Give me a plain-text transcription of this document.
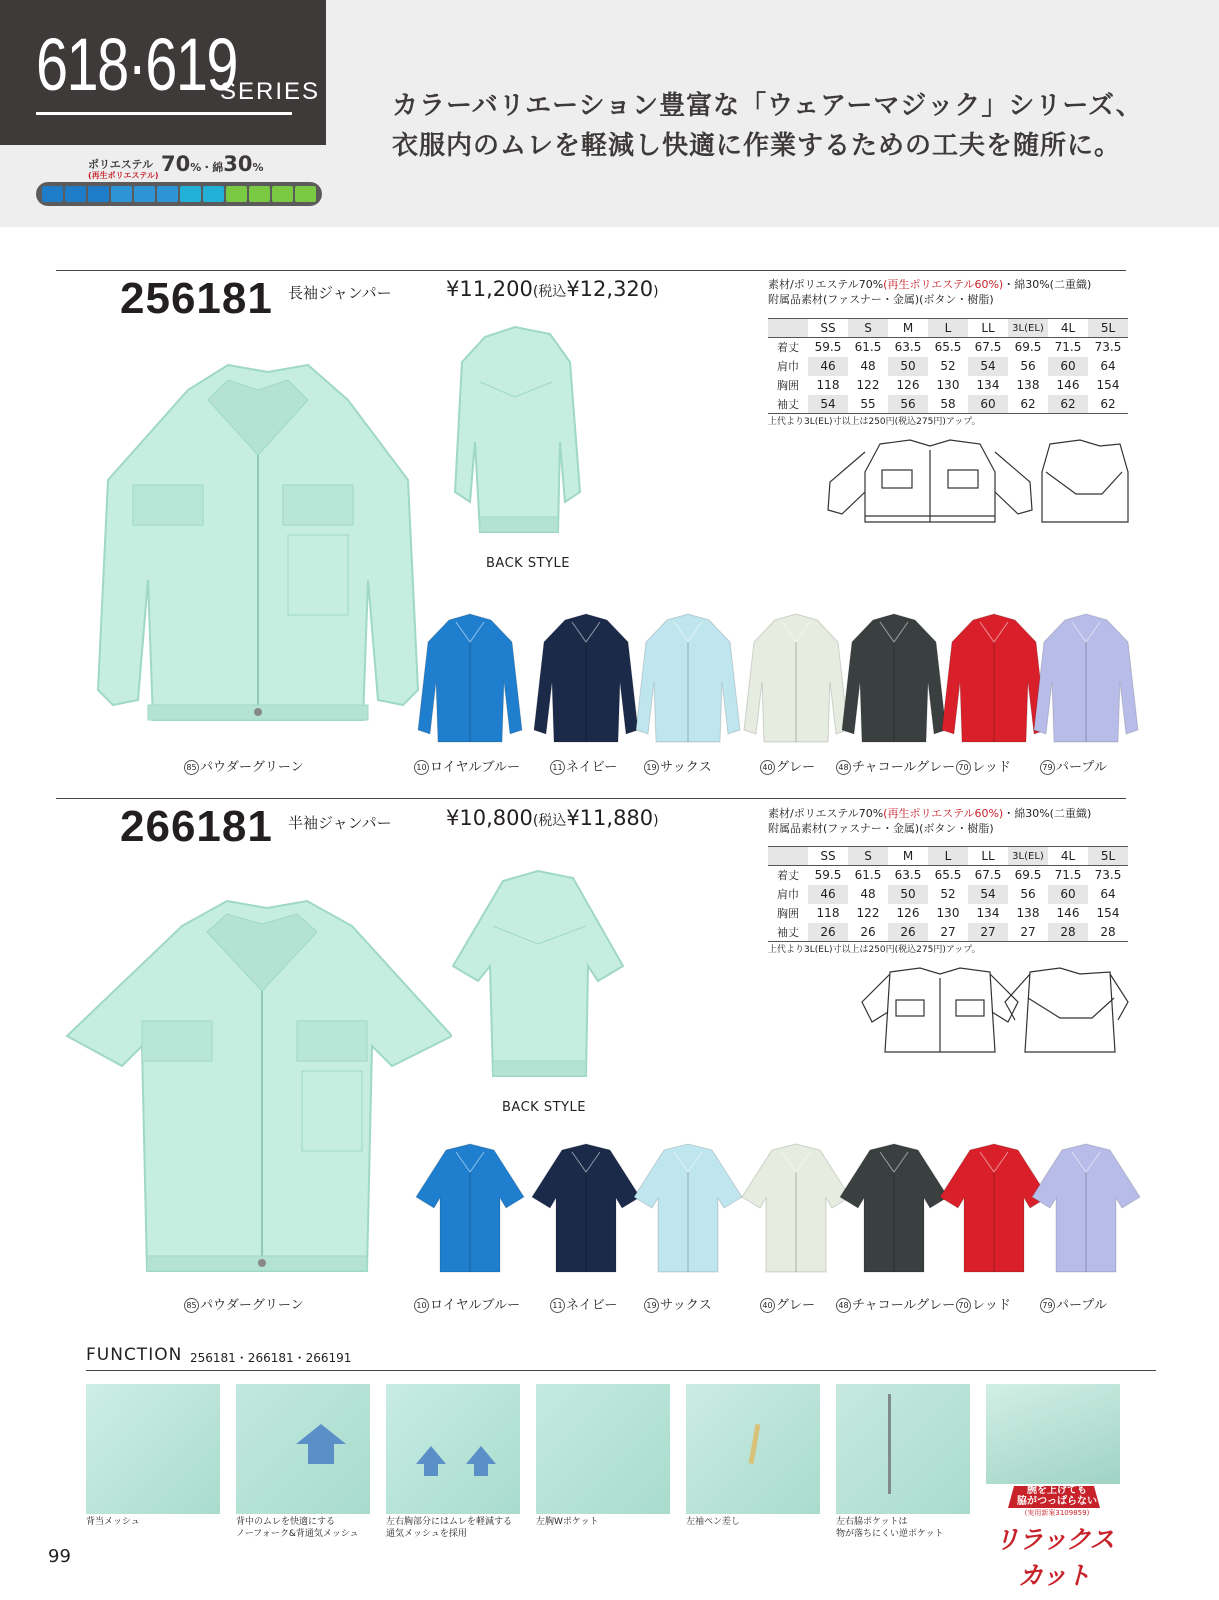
618·619
SERIES	カラーバリエーション豊富な「ウェアーマジック」シリーズ、
衣服内のムレを軽減し快適に作業するための工夫を随所に。
ポリエステル
(再生ポリエステル) 70%・綿30%
256181 長袖ジャンパー	¥11,200(税込¥12,320)	素材/ポリエステル70%(再生ポリエステル60%)・綿30%(二重織)
附属品素材(ファスナー・金属)(ボタン・樹脂)
	SS	S	M	L	LL	3L(EL)	4L	5L
着丈	59.5	61.5	63.5	65.5	67.5	69.5	71.5	73.5
肩巾	46	48	50	52	54	56	60	64
胸囲	118	122	126	130	134	138	146	154
袖丈	54	55	56	58	60	62	62	62
上代より3L(EL)寸以上は250円(税込275円)アップ。
BACK STYLE
85 パウダーグリーン	10 ロイヤルブルー	11 ネイビー	19 サックス	40 グレー	48 チャコールグレー 70 レッド	79 パープル
266181 半袖ジャンパー	¥10,800(税込¥11,880)	素材/ポリエステル70%(再生ポリエステル60%)・綿30%(二重織)
附属品素材(ファスナー・金属)(ボタン・樹脂)
	SS	S	M	L	LL	3L(EL)	4L	5L
着丈	59.5	61.5	63.5	65.5	67.5	69.5	71.5	73.5
肩巾	46	48	50	52	54	56	60	64
胸囲	118	122	126	130	134	138	146	154
袖丈	26	26	26	27	27	27	28	28
上代より3L(EL)寸以上は250円(税込275円)アップ。
BACK STYLE
85 パウダーグリーン	10 ロイヤルブルー	11 ネイビー	19 サックス	40 グレー	48 チャコールグレー 70 レッド	79 パープル
FUNCTION 256181・266181・266191
背当メッシュ	背中のムレを快適にする
ノーフォーク&背通気メッシュ
左右胸部分にはムレを軽減する
通気メッシュを採用
左胸Wポケット	左袖ペン差し	左右脇ポケットは
物が落ちにくい逆ポケット
腕を上げても
脇がつっぱらない
(実用新案3109859)
リラックスカット
99
